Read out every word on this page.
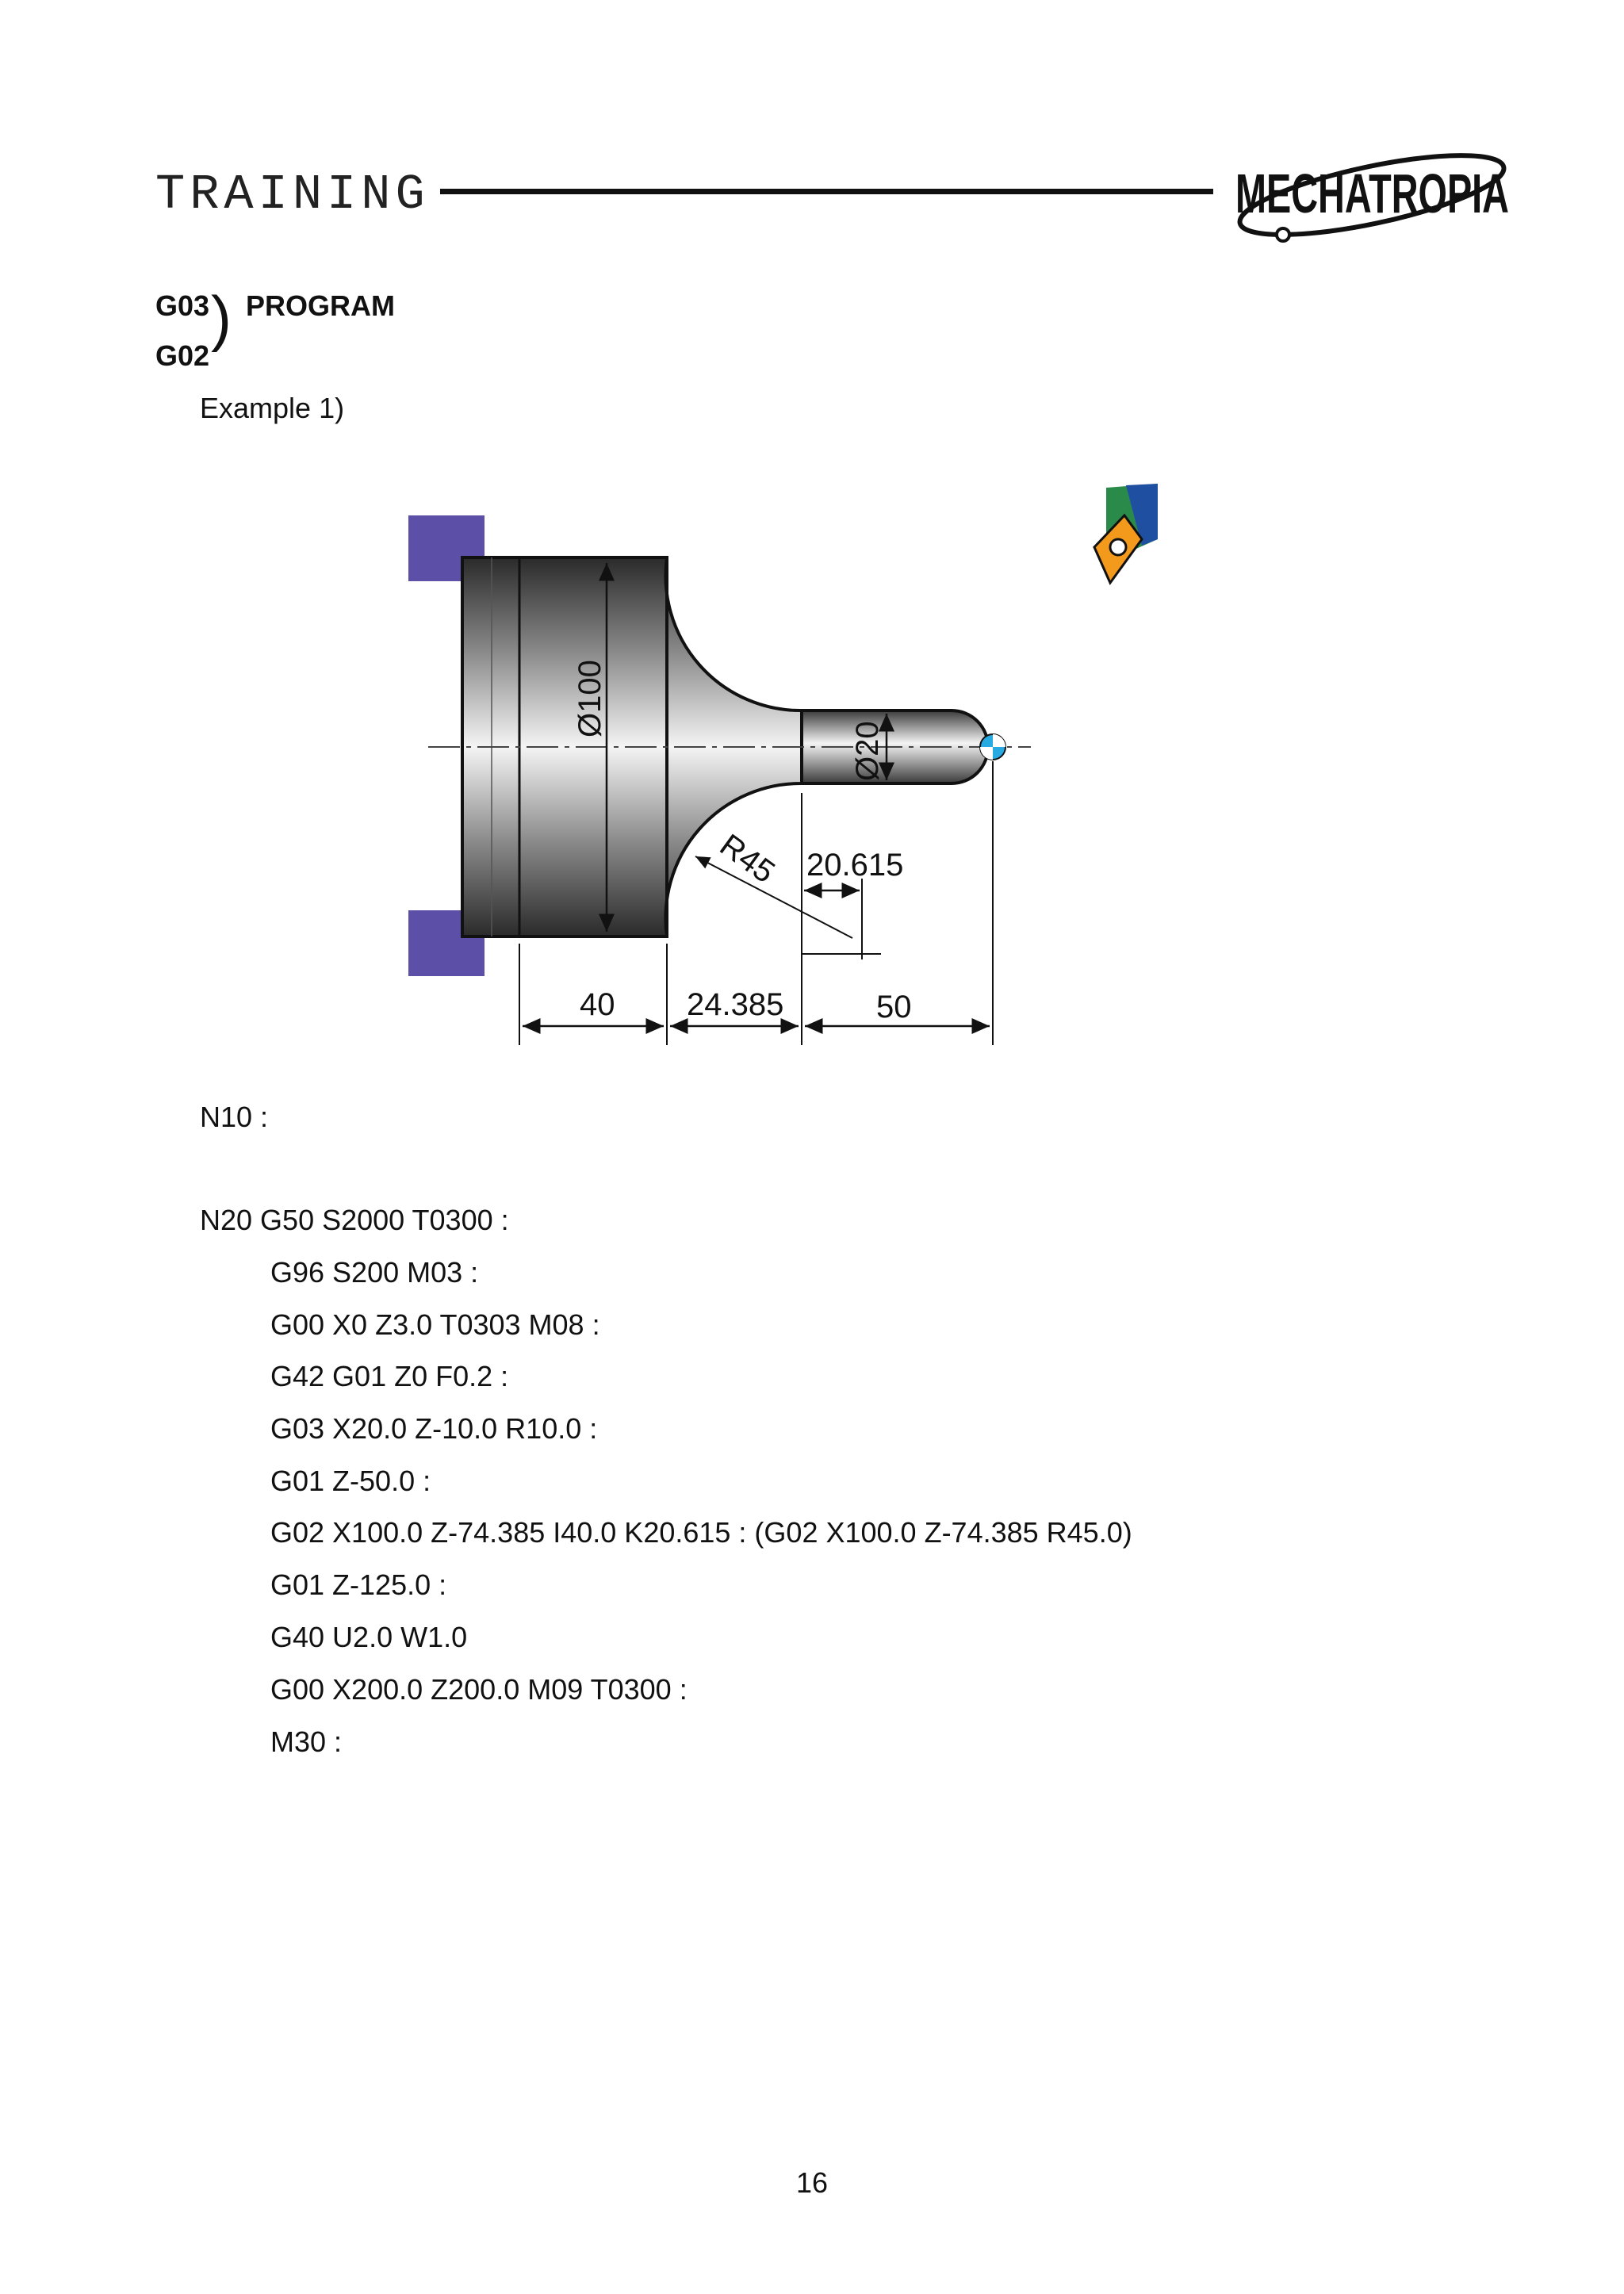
TRAINING	MECHATROPIA
G03
G02
) PROGRAM
Example 1)
Ø100
Ø20
R45 20.615
40 24.385	50
N10 :
N20 G50 S2000 T0300 :
G96 S200 M03 :
G00 X0 Z3.0 T0303 M08 :
G42 G01 Z0 F0.2 :
G03 X20.0 Z-10.0 R10.0 :
G01 Z-50.0 :
G02 X100.0 Z-74.385 I40.0 K20.615 : (G02 X100.0 Z-74.385 R45.0)
G01 Z-125.0 :
G40 U2.0 W1.0
G00 X200.0 Z200.0 M09 T0300 :
M30 :
16
